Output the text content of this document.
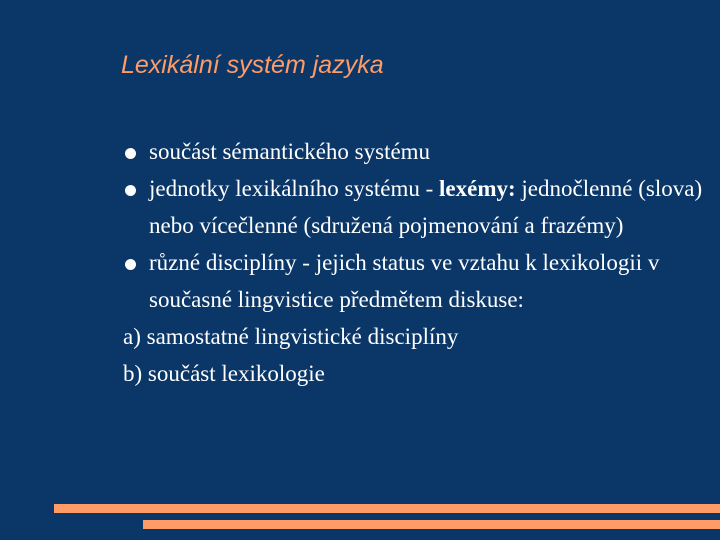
Lexikální systém jazyka
součást sémantického systému
jednotky lexikálního systému - lexémy: jednočlenné (slova) nebo vícečlenné (sdružená pojmenování a frazémy)
různé disciplíny - jejich status ve vztahu k lexikologii v současné lingvistice předmětem diskuse:

a) samostatné lingvistické disciplíny

b) součást lexikologie
